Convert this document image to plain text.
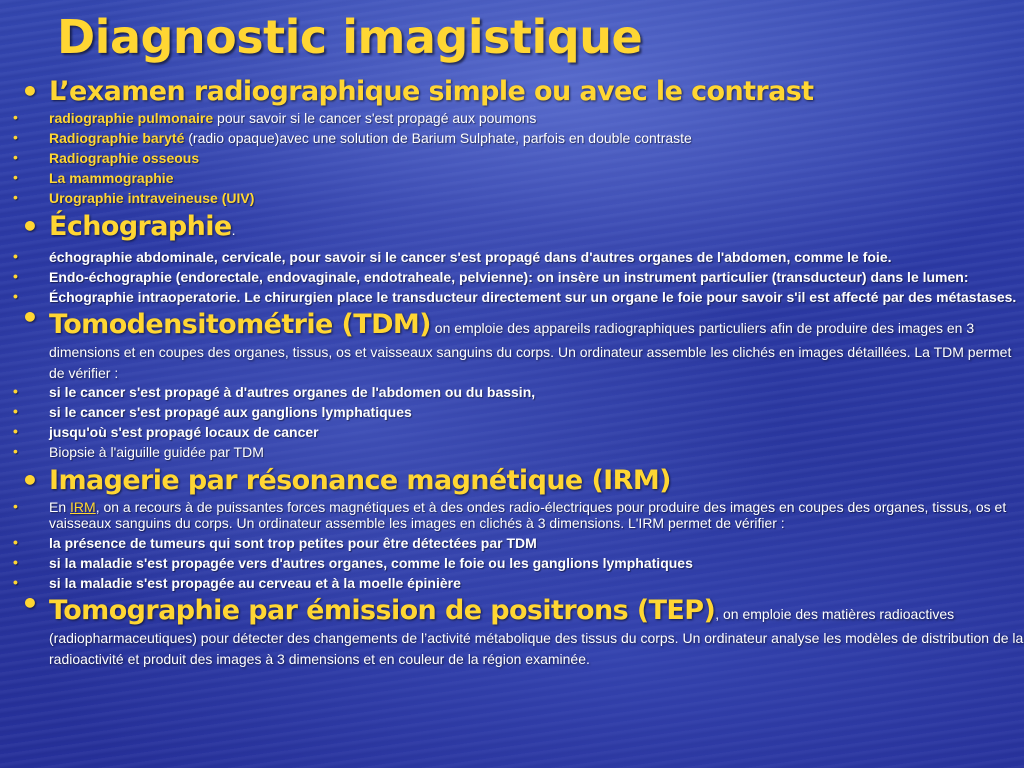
Diagnostic imagistique
• L’examen radiographique simple ou avec le contrast
• radiographie pulmonaire pour savoir si le cancer s'est propagé aux poumons
• Radiographie baryté (radio opaque)avec une solution de Barium Sulphate, parfois en double contraste
• Radiographie osseous
• La mammographie
• Urographie intraveineuse (UIV)
• Échographie.
• échographie abdominale, cervicale, pour savoir si le cancer s'est propagé dans d'autres organes de l'abdomen, comme le foie.
• Endo-échographie (endorectale, endovaginale, endotraheale, pelvienne): on insère un instrument particulier (transducteur) dans le lumen:
• Échographie intraoperatorie. Le chirurgien place le transducteur directement sur un organe le foie pour savoir s'il est affecté par des métastases.
• Tomodensitométrie (TDM) on emploie des appareils radiographiques particuliers afin de produire des images en 3 dimensions et en coupes des organes, tissus, os et vaisseaux sanguins du corps. Un ordinateur assemble les clichés en images détaillées. La TDM permet de vérifier :
• si le cancer s'est propagé à d'autres organes de l'abdomen ou du bassin,
• si le cancer s'est propagé aux ganglions lymphatiques
• jusqu'où s'est propagé locaux de cancer
• Biopsie à l'aiguille guidée par TDM
• Imagerie par résonance magnétique (IRM)
• En IRM, on a recours à de puissantes forces magnétiques et à des ondes radio-électriques pour produire des images en coupes des organes, tissus, os et vaisseaux sanguins du corps. Un ordinateur assemble les images en clichés à 3 dimensions. L'IRM permet de vérifier :
• la présence de tumeurs qui sont trop petites pour être détectées par TDM
• si la maladie s'est propagée vers d'autres organes, comme le foie ou les ganglions lymphatiques
• si la maladie s'est propagée au cerveau et à la moelle épinière
• Tomographie par émission de positrons (TEP), on emploie des matières radioactives (radiopharmaceutiques) pour détecter des changements de l’activité métabolique des tissus du corps. Un ordinateur analyse les modèles de distribution de la radioactivité et produit des images à 3 dimensions et en couleur de la région examinée.
